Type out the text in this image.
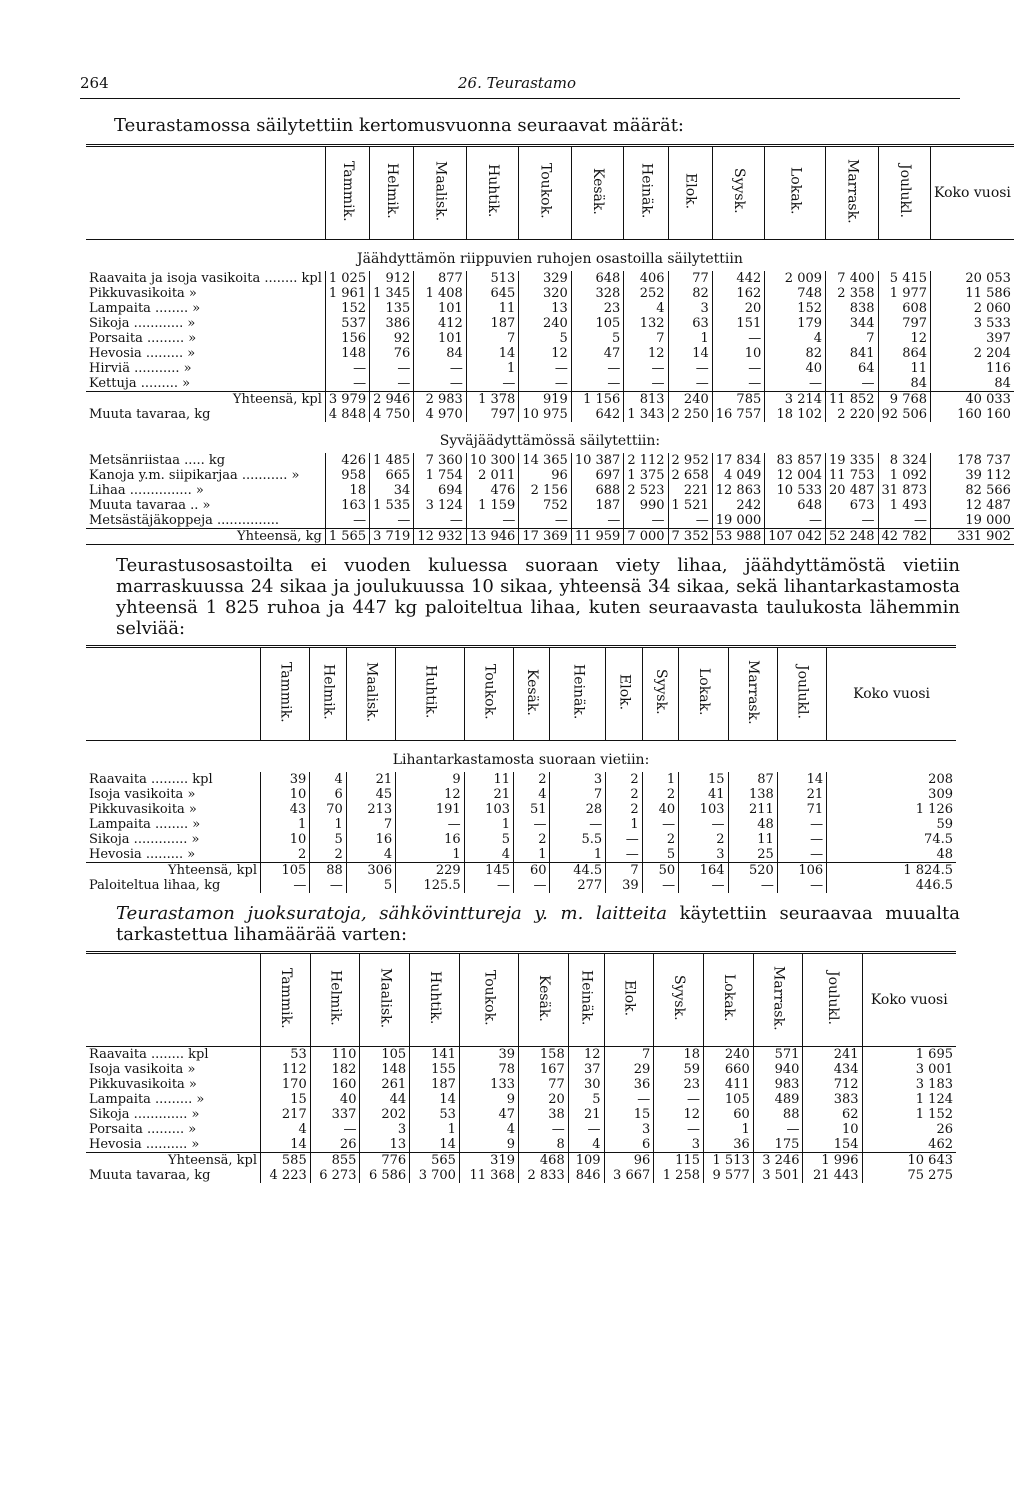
264	26. Teurastamo
Teurastamossa säilytettiin kertomusvuonna seuraavat määrät:
	Tammik.	Helmik.	Maalisk.	Huhtik.	Toukok.	Kesäk.	Heinäk.	Elok.	Syysk.	Lokak.	Marrask.	Joulukl.	Koko vuosi
Jäähdyttämön riippuvien ruhojen osastoilla säilytettiin													
Raavaita ja isoja vasikoita ........ kpl	1 025	912	877	513	329	648	406	77	442	2 009	7 400	5 415	20 053
Pikkuvasikoita »	1 961	1 345	1 408	645	320	328	252	82	162	748	2 358	1 977	11 586
Lampaita ........ »	152	135	101	11	13	23	4	3	20	152	838	608	2 060
Sikoja ............ »	537	386	412	187	240	105	132	63	151	179	344	797	3 533
Porsaita ......... »	156	92	101	7	5	5	7	1	—	4	7	12	397
Hevosia ......... »	148	76	84	14	12	47	12	14	10	82	841	864	2 204
Hirviä ........... »	—	—	—	1	—	—	—	—	—	40	64	11	116
Kettuja ......... »	—	—	—	—	—	—	—	—	—	—	—	84	84
Yhteensä, kpl	3 979	2 946	2 983	1 378	919	1 156	813	240	785	3 214	11 852	9 768	40 033
Muuta tavaraa, kg	4 848	4 750	4 970	797	10 975	642	1 343	2 250	16 757	18 102	2 220	92 506	160 160
Syväjäädyttämössä säilytettiin:													
Metsänriistaa ..... kg	426	1 485	7 360	10 300	14 365	10 387	2 112	2 952	17 834	83 857	19 335	8 324	178 737
Kanoja y.m. siipikarjaa ........... »	958	665	1 754	2 011	96	697	1 375	2 658	4 049	12 004	11 753	1 092	39 112
Lihaa ............... »	18	34	694	476	2 156	688	2 523	221	12 863	10 533	20 487	31 873	82 566
Muuta tavaraa .. »	163	1 535	3 124	1 159	752	187	990	1 521	242	648	673	1 493	12 487
Metsästäjäkoppeja ...............	—	—	—	—	—	—	—	—	19 000	—	—	—	19 000
Yhteensä, kg	1 565	3 719	12 932	13 946	17 369	11 959	7 000	7 352	53 988	107 042	52 248	42 782	331 902
Teurastusosastoilta ei vuoden kuluessa suoraan viety lihaa, jäähdyttämöstä vietiin marraskuussa 24 sikaa ja joulukuussa 10 sikaa, yhteensä 34 sikaa, sekä lihantarkastamosta yhteensä 1 825 ruhoa ja 447 kg paloiteltua lihaa, kuten seuraavasta taulukosta lähemmin selviää:
	Tammik.	Helmik.	Maalisk.	Huhtik.	Toukok.	Kesäk.	Heinäk.	Elok.	Syysk.	Lokak.	Marrask.	Joulukl.	Koko vuosi
Lihantarkastamosta suoraan vietiin:													
Raavaita ......... kpl	39	4	21	9	11	2	3	2	1	15	87	14	208
Isoja vasikoita »	10	6	45	12	21	4	7	2	2	41	138	21	309
Pikkuvasikoita »	43	70	213	191	103	51	28	2	40	103	211	71	1 126
Lampaita ........ »	1	1	7	—	1	—	—	1	—	—	48	—	59
Sikoja ............. »	10	5	16	16	5	2	5.5	—	2	2	11	—	74.5
Hevosia ......... »	2	2	4	1	4	1	1	—	5	3	25	—	48
Yhteensä, kpl	105	88	306	229	145	60	44.5	7	50	164	520	106	1 824.5
Paloiteltua lihaa, kg	—	—	5	125.5	—	—	277	39	—	—	—	—	446.5
Teurastamon juoksuratoja, sähkövintturеja y. m. laitteita käytettiin seuraavaa muualta tarkastettua lihamäärää varten:
	Tammik.	Helmik.	Maalisk.	Huhtik.	Toukok.	Kesäk.	Heinäk.	Elok.	Syysk.	Lokak.	Marrask.	Joulukl.	Koko vuosi
Raavaita ........ kpl	53	110	105	141	39	158	12	7	18	240	571	241	1 695
Isoja vasikoita »	112	182	148	155	78	167	37	29	59	660	940	434	3 001
Pikkuvasikoita »	170	160	261	187	133	77	30	36	23	411	983	712	3 183
Lampaita ......... »	15	40	44	14	9	20	5	—	—	105	489	383	1 124
Sikoja ............. »	217	337	202	53	47	38	21	15	12	60	88	62	1 152
Porsaita ......... »	4	—	3	1	4	—	—	3	—	1	—	10	26
Hevosia .......... »	14	26	13	14	9	8	4	6	3	36	175	154	462
Yhteensä, kpl	585	855	776	565	319	468	109	96	115	1 513	3 246	1 996	10 643
Muuta tavaraa, kg	4 223	6 273	6 586	3 700	11 368	2 833	846	3 667	1 258	9 577	3 501	21 443	75 275
